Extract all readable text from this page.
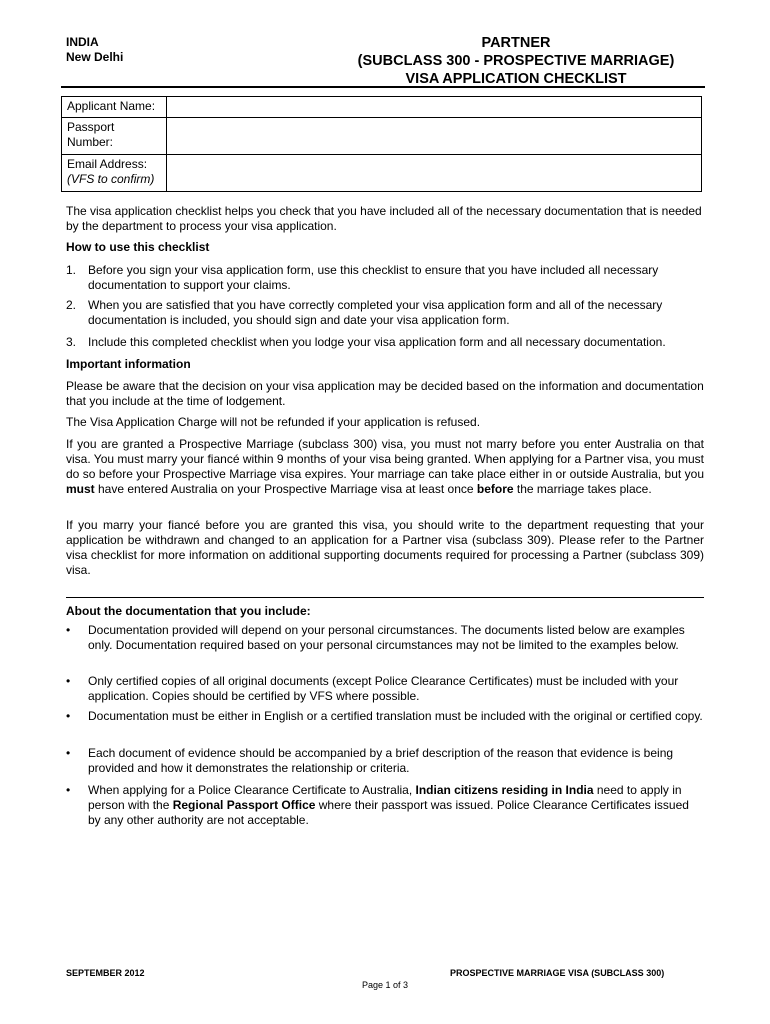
INDIA
New Delhi
PARTNER
(SUBCLASS 300 - PROSPECTIVE MARRIAGE)
VISA APPLICATION CHECKLIST
Applicant Name:	

Passport
Number:	

Email Address:
(VFS to confirm)	

The visa application checklist helps you check that you have included all of the necessary documentation that is needed by the department to process your visa application.
How to use this checklist
1. Before you sign your visa application form, use this checklist to ensure that you have included all necessary documentation to support your claims.
2. When you are satisfied that you have correctly completed your visa application form and all of the necessary documentation is included, you should sign and date your visa application form.
3. Include this completed checklist when you lodge your visa application form and all necessary documentation.
Important information
Please be aware that the decision on your visa application may be decided based on the information and documentation that you include at the time of lodgement.
The Visa Application Charge will not be refunded if your application is refused.
If you are granted a Prospective Marriage (subclass 300) visa, you must not marry before you enter Australia on that visa. You must marry your fiancé within 9 months of your visa being granted. When applying for a Partner visa, you must do so before your Prospective Marriage visa expires. Your marriage can take place either in or outside Australia, but you must have entered Australia on your Prospective Marriage visa at least once before the marriage takes place.
If you marry your fiancé before you are granted this visa, you should write to the department requesting that your application be withdrawn and changed to an application for a Partner visa (subclass 309). Please refer to the Partner visa checklist for more information on additional supporting documents required for processing a Partner (subclass 309) visa.
About the documentation that you include:
• Documentation provided will depend on your personal circumstances. The documents listed below are examples only. Documentation required based on your personal circumstances may not be limited to the examples below.
• Only certified copies of all original documents (except Police Clearance Certificates) must be included with your application. Copies should be certified by VFS where possible.
• Documentation must be either in English or a certified translation must be included with the original or certified copy.
• Each document of evidence should be accompanied by a brief description of the reason that evidence is being provided and how it demonstrates the relationship or criteria.
• When applying for a Police Clearance Certificate to Australia, Indian citizens residing in India need to apply in person with the Regional Passport Office where their passport was issued. Police Clearance Certificates issued by any other authority are not acceptable.
SEPTEMBER 2012	PROSPECTIVE MARRIAGE VISA (SUBCLASS 300)
Page 1 of 3
